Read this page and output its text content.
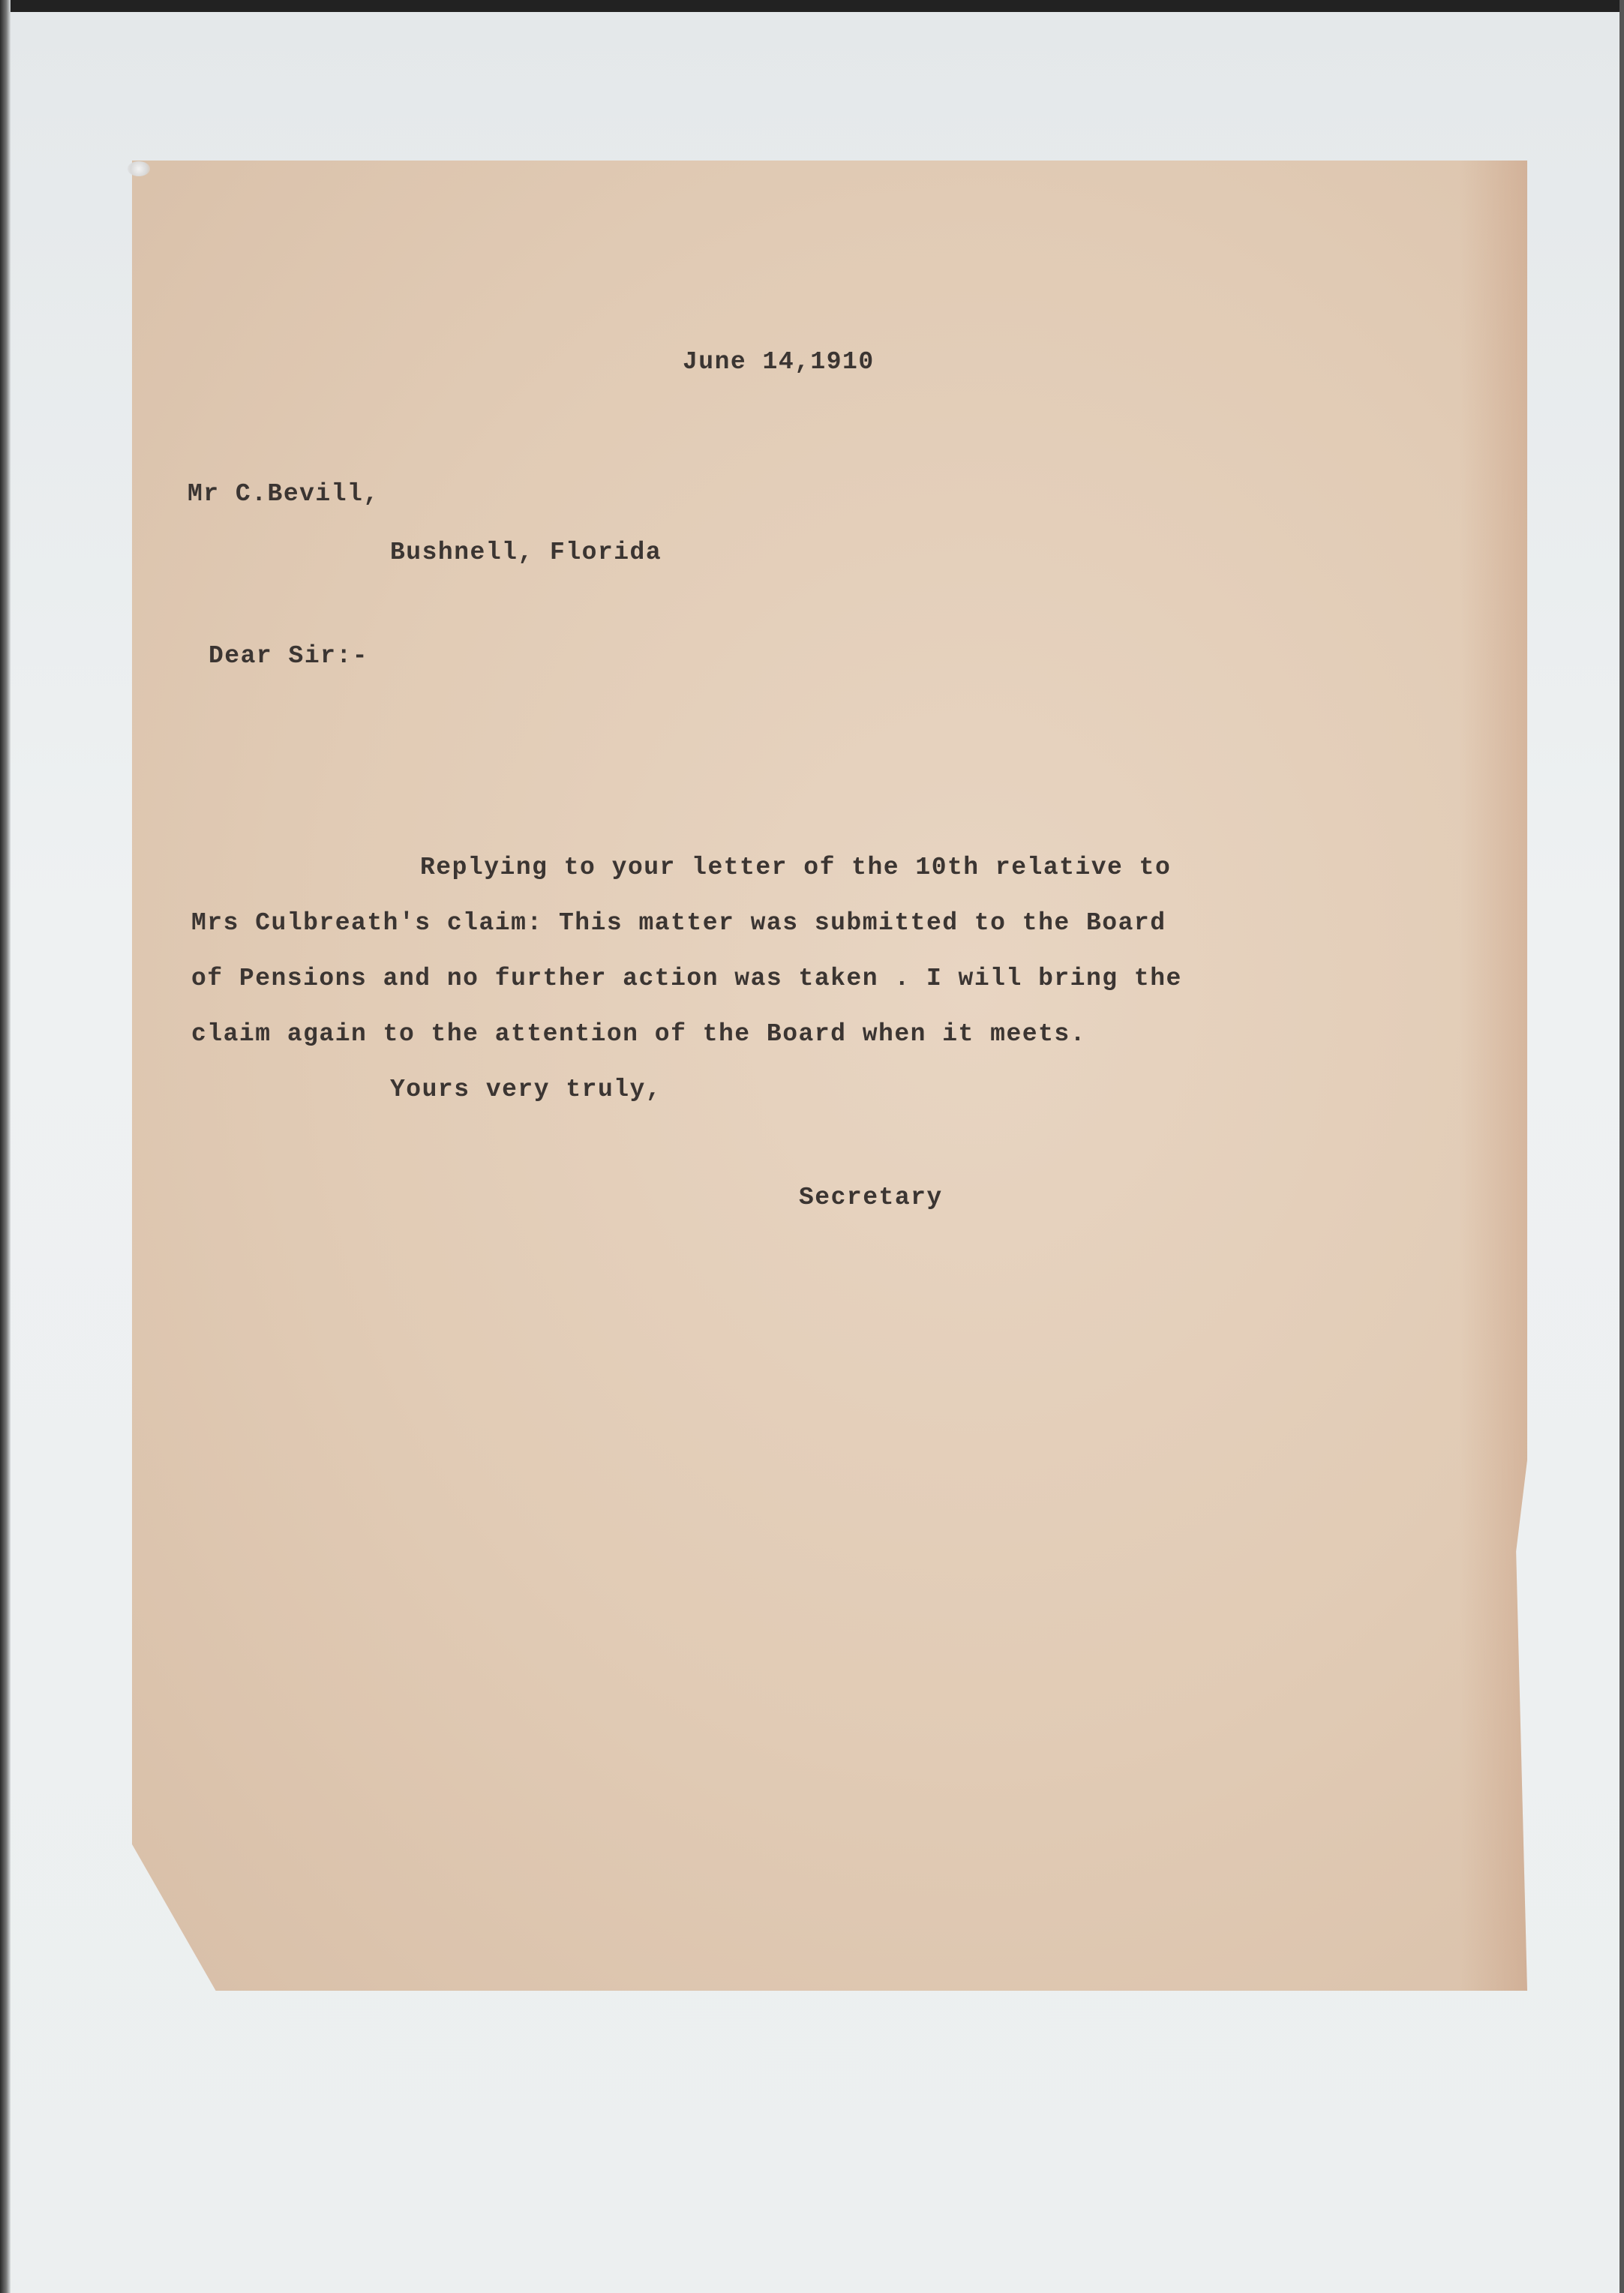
June 14,1910
Mr C.Bevill,
Bushnell, Florida
Dear Sir:-
Replying to your letter of the 10th relative to
Mrs Culbreath's claim: This matter was submitted to the Board
of Pensions and no further action was taken . I will bring the
claim again to the attention of the Board when it meets.
Yours very truly,
Secretary
